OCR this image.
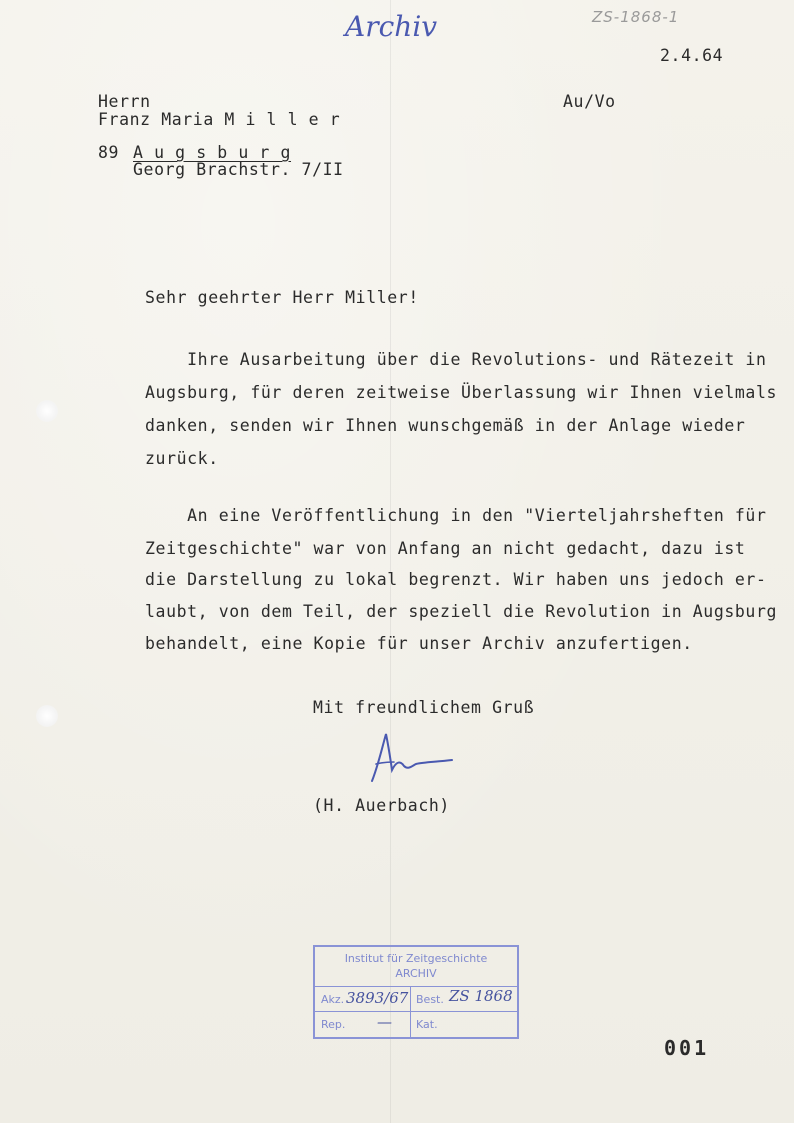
Archiv	ZS-1868-1
2.4.64
Au/Vo
Herrn
Franz Maria M i l l e r
89 A u g s b u r g
Georg Brachstr. 7/II
Sehr geehrter Herr Miller!
Ihre Ausarbeitung über die Revolutions- und Rätezeit in
Augsburg, für deren zeitweise Überlassung wir Ihnen vielmals
danken, senden wir Ihnen wunschgemäß in der Anlage wieder
zurück.
An eine Veröffentlichung in den "Vierteljahrsheften für
Zeitgeschichte" war von Anfang an nicht gedacht, dazu ist
die Darstellung zu lokal begrenzt. Wir haben uns jedoch er-
laubt, von dem Teil, der speziell die Revolution in Augsburg
behandelt, eine Kopie für unser Archiv anzufertigen.
Mit freundlichem Gruß
(H. Auerbach)
Institut für Zeitgeschichte
ARCHIV
Akz. 3893/67 Best. ZS 1868
Rep. — Kat.
001
